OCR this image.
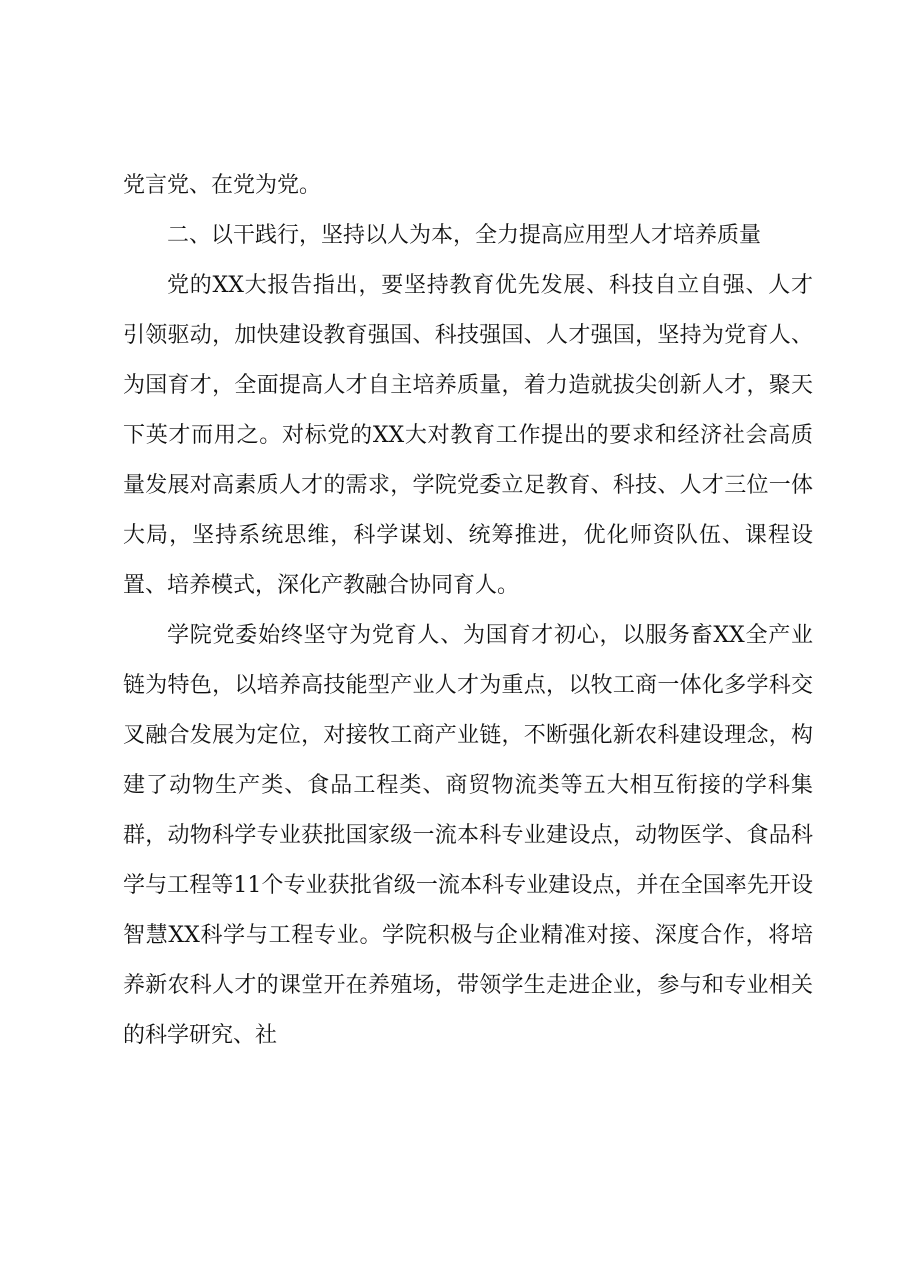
党言党、在党为党。

二、以干践行，坚持以人为本，全力提高应用型人才培养质量

党的XX大报告指出，要坚持教育优先发展、科技自立自强、人才引领驱动，加快建设教育强国、科技强国、人才强国，坚持为党育人、为国育才，全面提高人才自主培养质量，着力造就拔尖创新人才，聚天下英才而用之。对标党的XX大对教育工作提出的要求和经济社会高质量发展对高素质人才的需求，学院党委立足教育、科技、人才三位一体大局，坚持系统思维，科学谋划、统筹推进，优化师资队伍、课程设置、培养模式，深化产教融合协同育人。

学院党委始终坚守为党育人、为国育才初心，以服务畜XX全产业链为特色，以培养高技能型产业人才为重点，以牧工商一体化多学科交叉融合发展为定位，对接牧工商产业链，不断强化新农科建设理念，构建了动物生产类、食品工程类、商贸物流类等五大相互衔接的学科集群，动物科学专业获批国家级一流本科专业建设点，动物医学、食品科学与工程等11个专业获批省级一流本科专业建设点，并在全国率先开设智慧XX科学与工程专业。学院积极与企业精准对接、深度合作，将培养新农科人才的课堂开在养殖场，带领学生走进企业，参与和专业相关的科学研究、社
